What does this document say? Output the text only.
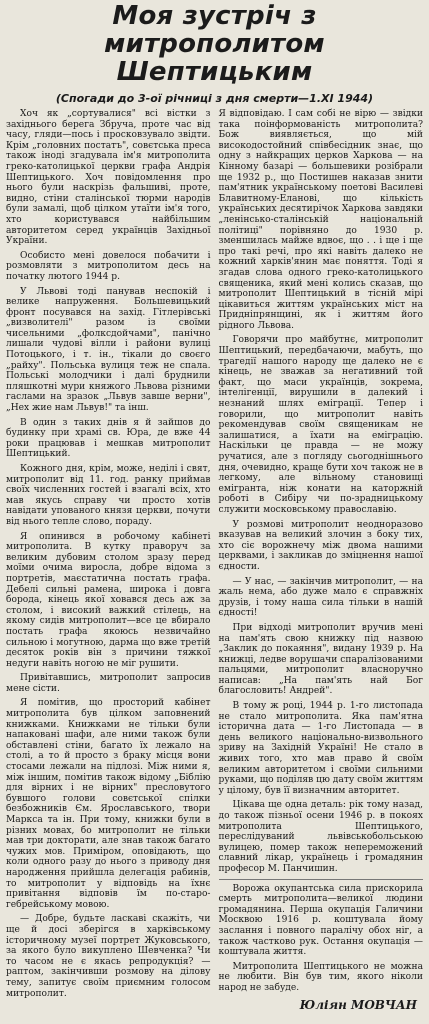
Моя зустріч з
митрополитом Шептицьким
(Спогади до 3-ої річниці з дня смерти—1.XI 1944)

Хоч як „сортувалися" всі вістки з західнього берега Збруча, проте час від часу, гляди—пось і просковзувало звідти. Крім „головних постатъ", совєтська преса також іноді згадувала ім'я митрополита греко-католицької церкви графа Андрія Шептицького. Хоч повідомлення про нього були наскрізь фальшиві, проте, видно, стіни сталінської тюрми народів були замалі, щоб цілком утаїти ім'я того, хто користувався найбільшим авторитетом серед українців Західньої України.

Особисто мені довелося побачити і розмовляти з митрополитом десь на початку лютого 1944 р.

У Львові тоді панував неспокій і велике напруження. Большевицький фронт посувався на захід. Гітлерівські „визволителі" разом із своїми чисельними „фолксдойчами", панічно лишали чудові вілли і райони вулиці Потоцького, і т. ін., тікали до своєго „райху". Польська вулиця теж не спала. Польські молодчики і далі бруднили пляшкотнi мури княжого Львова різними гаслами на зразок „Львув завше верни", „Нех жие нам Львув!" та інш.

В один з таких днів я й зайшов до будинку при храмі св. Юра, де вже 44 роки пpацював і мешкав митрополит Шептицький.

Кожного дня, крім, може, неділі і свят, митрополит від 11. год. ранку приймав своїх численних гостей і взагалі всіх, хто мав якусь справу чи просто хотів навідати упованого князя церкви, почути від нього тепле слово, пораду.

Я опинився в робочому кабінеті митрополита. В кутку праворуч за великим дубовим столом зразу перед моїми очима виросла, добре відома з портретів, маєстатична постать графа. Дебелі сильні рамена, широка і довга борода, кінець якої ховався десь аж за столом, і високий важкий стілець, на якому сидів митрополит—все це вбирало постать графа якоюсь незвичайно сильною і могутною, дарма що вже третій десяток років він з причини тяжкої недуги навіть ногою не міг рушити.

Привітавшись, митрополит запросив мене сісти.

Я помітив, що просторий кабінет митрополита був цілком заповнений книжками. Книжками не тільки були напаковані шафи, але ними також були обставлені стіни, багато їх лежало на столі, а то й просто з браку місця вони стосами лежали на підлозі. Між ними я, між іншим, помітив також відому „Біблію для вірних і не вірних" пресловутого бувшого голови совєтської спілки безбожників Єм. Ярославського, твори Маркса та ін. При тому, книжки були в різних мовах, бо митрополит не тільки мав три докторати, але знав також багато чужих мов. Приміром, оповідають, що коли одного разу до нього з приводу дня народження прийшла делегація рабинів, то митрополит у відповідь на їхнє привітання відповів їм по-старо-гебрейському мовою.

— Добре, будьте ласкаві скажіть, чи ще й досі зберігся в харківському історичному музеї портрет Жуковського, за якого було викуплено Шевченка? Чи то часом не є якась репродукція? — раптом, закінчивши розмову на ділову тему, запитує своїм приємним голосом митрополит.

Я відповідаю. І сам собі не вірю — звідки така поінформованість митрополита? Бож виявляється, що мій високодостойний співбесідник знає, що одну з найкращих церков Харкова — на Кінному базарі — большевики розібрали ще 1932 р., що Постишев наказав знити пам'ятник українському поетові Василеві Блавитному-Еланові, що кількість українських десятирічок Харкова завдяки „ленінсько-сталінській національній політиці" порівняно до 1930 р. зменшилась майже вдвоє, що . . і ще і ще про такі речі, про які навіть далеко не кожний харків'янин має поняття. Тоді я згадав слова одного греко-католицького священика, який мені колись сказав, що митрополит Шептицький в тісній мірі цікавиться життям українських міст на Придніпрянщині, як і життям його рідного Львова.

Говорячи про майбутнє, митрополит Шептицький, передбачаючи, мабуть, що трагедії нашого народу ще далеко не є кінець, не зважав за негативний той факт, що маси українців, зокрема, інтелігенції, вирушили в далекий і незнаний шлях еміграції. Тепер і говорили, що митрополит навіть рекомендував своїм священикам не залишатися, а їхати на еміграцію. Наскільки це правда — не можу ручатися, але з погляду сьогоднішнього дня, очевидно, краще бути хоч також не в легкому, але вільному становищі емігранта, ніж конати на каторжній роботі в Сибіру чи по-зрадницькому служити московському православію.

У розмові митрополит неодноразово вказував на великий злочин з боку тих, хто сіє ворожнечу між двома нашими церквами, і закликав до зміцнення нашої єдности.

— У нас, — закінчив митрополит, — на жаль нема, або дуже мало є справжніх друзів, і тому наша сила тільки в нашій єдності!

При відході митрополит вручив мені на пам'ять свою книжку під назвою „Заклик до покаяння", видану 1939 р. На книжці, ледве ворушачи спаралізованими пальцями, митрополит власноручно написав: „На пам'ять най Бог благословить! Андрей".

В тому ж році, 1944 р. 1-го листопада не стало митрополита. Яка пам'ятна історична дата — 1-го Листопада — в день великого національно-визвольного зриву на Західній Україні! Не стало в живих того, хто мав право й своїм великим авторитетом і своїми сильними руками, що поділяв цю дату своїм життям у цілому, був її визначним авторитет.

Цікава ще одна деталь: рік тому назад, до також пізньої осени 1946 р. в покоях митрополита Шептицького, переслідуваний львівськобольською вулицею, помер також непереможений славний лікар, українець і громадянин професор М. Панчишин.

Ворожа окупантська сила прискорила смерть митрополита—великої людини громадянина. Перша окупація Галичини Москвою 1916 р. коштувала йому заслання і повного паралічу обох ніг, а також частково рук. Остання окупація — коштувала життя.

Митрополита Шептицького не можна не любити. Він був тим, якого ніколи народ не забуде.

Юліян МОВЧАН
